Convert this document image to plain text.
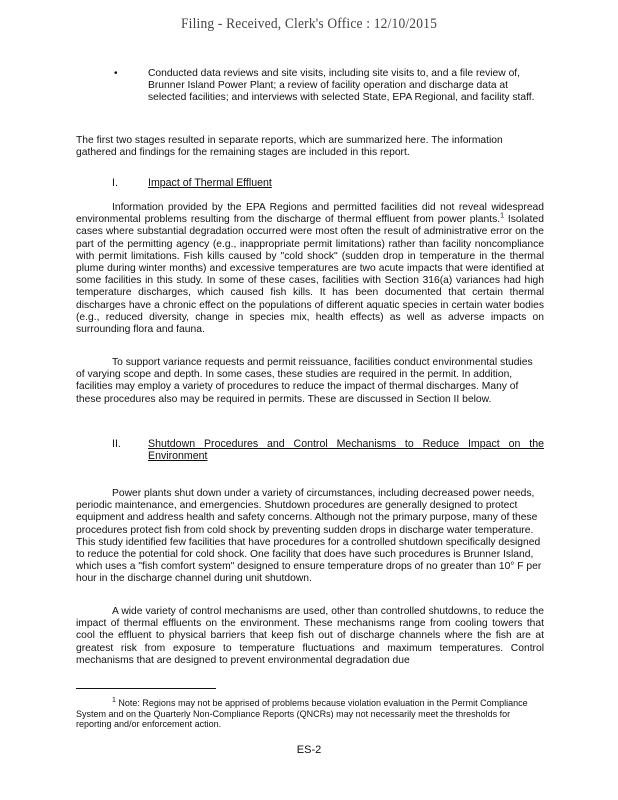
Filing - Received, Clerk's Office : 12/10/2015
•	Conducted data reviews and site visits, including site visits to, and a file review of, Brunner Island Power Plant; a review of facility operation and discharge data at selected facilities; and interviews with selected State, EPA Regional, and facility staff.

The first two stages resulted in separate reports, which are summarized here. The information gathered and findings for the remaining stages are included in this report.

I.	Impact of Thermal Effluent

Information provided by the EPA Regions and permitted facilities did not reveal widespread environmental problems resulting from the discharge of thermal effluent from power plants.$^1$ Isolated cases where substantial degradation occurred were most often the result of administrative error on the part of the permitting agency (e.g., inappropriate permit limitations) rather than facility noncompliance with permit limitations. Fish kills caused by "cold shock" (sudden drop in temperature in the thermal plume during winter months) and excessive temperatures are two acute impacts that were identified at some facilities in this study. In some of these cases, facilities with Section 316(a) variances had high temperature discharges, which caused fish kills. It has been documented that certain thermal discharges have a chronic effect on the populations of different aquatic species in certain water bodies (e.g., reduced diversity, change in species mix, health effects) as well as adverse impacts on surrounding flora and fauna.

To support variance requests and permit reissuance, facilities conduct environmental studies of varying scope and depth. In some cases, these studies are required in the permit. In addition, facilities may employ a variety of procedures to reduce the impact of thermal discharges. Many of these procedures also may be required in permits. These are discussed in Section II below.

II.	Shutdown Procedures and Control Mechanisms to Reduce Impact on the Environment

Power plants shut down under a variety of circumstances, including decreased power needs, periodic maintenance, and emergencies. Shutdown procedures are generally designed to protect equipment and address health and safety concerns. Although not the primary purpose, many of these procedures protect fish from cold shock by preventing sudden drops in discharge water temperature. This study identified few facilities that have procedures for a controlled shutdown specifically designed to reduce the potential for cold shock. One facility that does have such procedures is Brunner Island, which uses a "fish comfort system" designed to ensure temperature drops of no greater than 10° F per hour in the discharge channel during unit shutdown.

A wide variety of control mechanisms are used, other than controlled shutdowns, to reduce the impact of thermal effluents on the environment. These mechanisms range from cooling towers that cool the effluent to physical barriers that keep fish out of discharge channels where the fish are at greatest risk from exposure to temperature fluctuations and maximum temperatures. Control mechanisms that are designed to prevent environmental degradation due

$^1$ Note: Regions may not be apprised of problems because violation evaluation in the Permit Compliance System and on the Quarterly Non-Compliance Reports (QNCRs) may not necessarily meet the thresholds for reporting and/or enforcement action.

ES-2
